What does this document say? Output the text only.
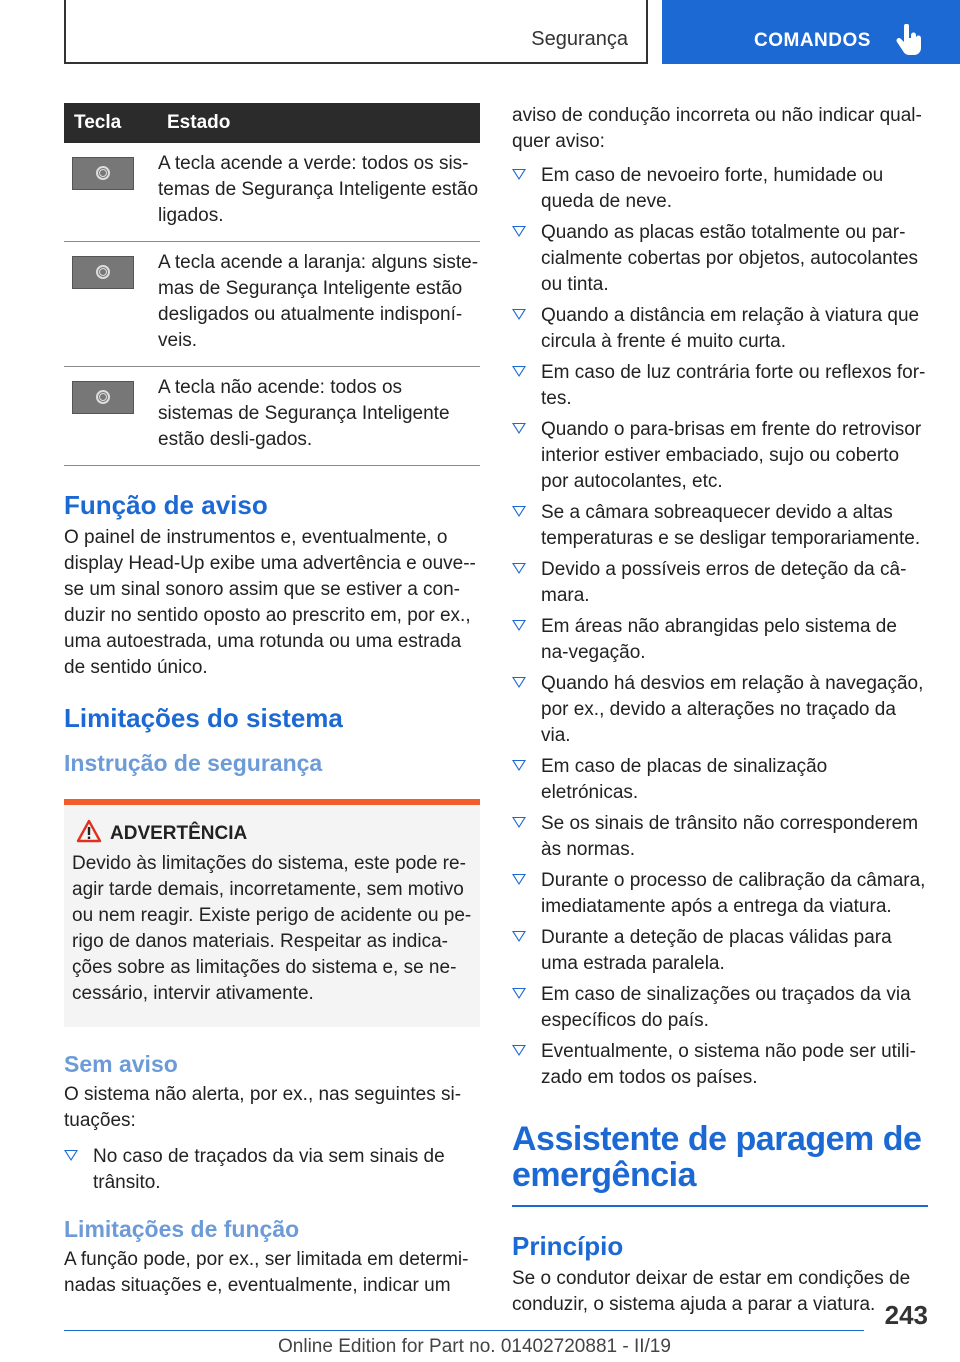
Segurança	COMANDOS
Tecla	Estado

	A tecla acende a verde: todos os sis-temas de Segurança Inteligente estão ligados.

	A tecla acende a laranja: alguns siste-mas de Segurança Inteligente estão desligados ou atualmente indisponí-veis.

	A tecla não acende: todos os sistemas de Segurança Inteligente estão desli-gados.
Função de aviso

O painel de instrumentos e, eventualmente, o display Head-Up exibe uma advertência e ouve--se um sinal sonoro assim que se estiver a con-duzir no sentido oposto ao prescrito em, por ex., uma autoestrada, uma rotunda ou uma estrada de sentido único.

Limitações do sistema
Instrução de segurança
ADVERTÊNCIA

Devido às limitações do sistema, este pode re-agir tarde demais, incorretamente, sem motivo ou nem reagir. Existe perigo de acidente ou pe-rigo de danos materiais. Respeitar as indica-ções sobre as limitações do sistema e, se ne-cessário, intervir ativamente.

Sem aviso

O sistema não alerta, por ex., nas seguintes si-tuações:

No caso de traçados da via sem sinais de trânsito.
Limitações de função

A função pode, por ex., ser limitada em determi-nadas situações e, eventualmente, indicar um

aviso de condução incorreta ou não indicar qual-quer aviso:

Em caso de nevoeiro forte, humidade ou queda de neve.
Quando as placas estão totalmente ou par-cialmente cobertas por objetos, autocolantes ou tinta.
Quando a distância em relação à viatura que circula à frente é muito curta.
Em caso de luz contrária forte ou reflexos for-tes.
Quando o para-brisas em frente do retrovisor interior estiver embaciado, sujo ou coberto por autocolantes, etc.
Se a câmara sobreaquecer devido a altas temperaturas e se desligar temporariamente.
Devido a possíveis erros de deteção da câ-mara.
Em áreas não abrangidas pelo sistema de na-vegação.
Quando há desvios em relação à navegação, por ex., devido a alterações no traçado da via.
Em caso de placas de sinalização eletrónicas.
Se os sinais de trânsito não corresponderem às normas.
Durante o processo de calibração da câmara, imediatamente após a entrega da viatura.
Durante a deteção de placas válidas para uma estrada paralela.
Em caso de sinalizações ou traçados da via específicos do país.
Eventualmente, o sistema não pode ser utili-zado em todos os países.
Assistente de paragem de emergência
Princípio

Se o condutor deixar de estar em condições de conduzir, o sistema ajuda a parar a viatura. 243
Online Edition for Part no. 01402720881 - II/19
